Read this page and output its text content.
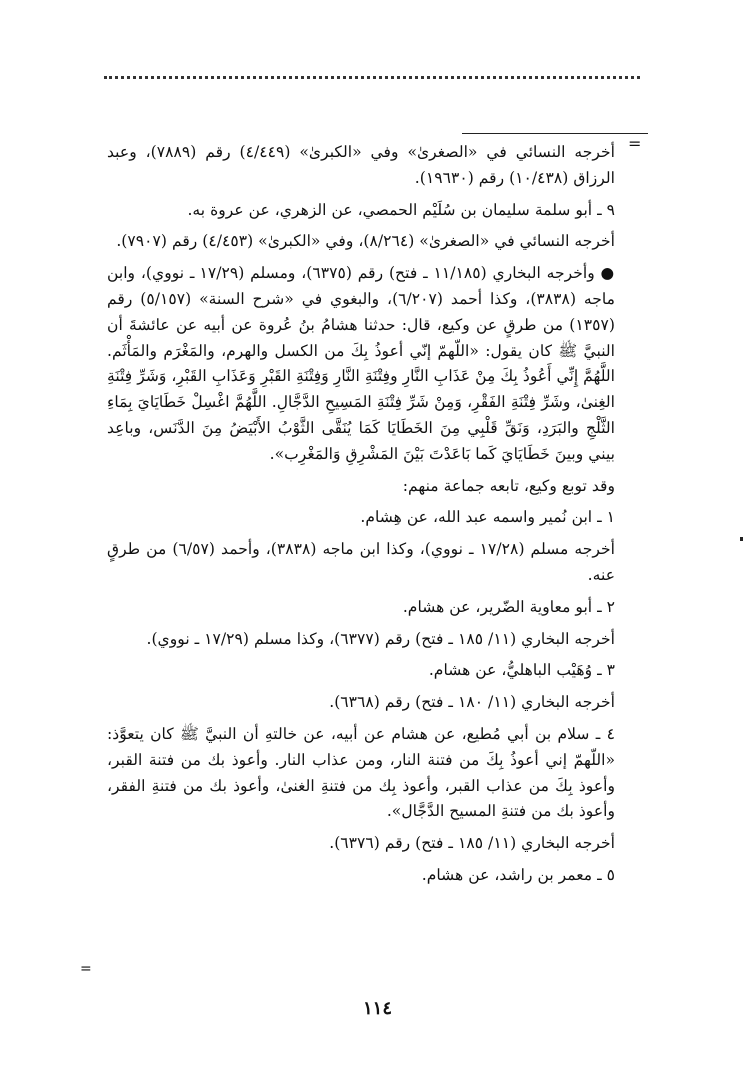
=

أخرجه النسائي في «الصغرىٰ» وفي «الكبرىٰ» (٤/٤٤٩) رقم (٧٨٨٩)، وعبد الرزاق (١٠/٤٣٨) رقم (١٩٦٣٠).

٩ ـ أبو سلمة سليمان بن سُلَيْم الحمصي، عن الزهري، عن عروة به.

أخرجه النسائي في «الصغرىٰ» (٨/٢٦٤)، وفي «الكبرىٰ» (٤/٤٥٣) رقم (٧٩٠٧).

● وأخرجه البخاري (١١/١٨٥ ـ فتح) رقم (٦٣٧٥)، ومسلم (١٧/٢٩ ـ نووي)، وابن ماجه (٣٨٣٨)، وكذا أحمد (٦/٢٠٧)، والبغوي في «شرح السنة» (٥/١٥٧) رقم (١٣٥٧) من طرقٍ عن وكيع، قال: حدثنا هشامُ بنُ عُروة عن أبيه عن عائشةَ أن النبيَّ ﷺ كان يقول: «اللّهمّ إنّي أعوذُ بِكَ من الكسل والهرم، والمَغْرَم والمَأْثَم. اللَّهُمَّ إِنِّي أَعُوذُ بِكَ مِنْ عَذَابِ النَّارِ وفِتْنَةِ النَّارِ وَفِتْنَةِ القَبْرِ وَعَذَابِ القَبْرِ، وَشَرِّ فِتْنَةِ الغِنىٰ، وشَرِّ فِتْنَةِ الفَقْرِ، وَمِنْ شَرِّ فِتْنَةِ المَسِيحِ الدَّجَّالِ. اللَّهُمَّ اغْسِلْ خَطَايَايَ بِمَاءِ الثَّلْجِ والبَرَدِ، وَنَقِّ قَلْبِي مِنَ الخَطَايَا كَمَا يُنَقَّى الثَّوْبُ الأَبْيَضُ مِنَ الدَّنَس، وباعِد بيني وبينَ خَطَايَايَ كَما بَاعَدْتَ بَيْنَ المَشْرِقِ وَالمَغْرِب».

وقد توبع وكيع، تابعه جماعة منهم:

١ ـ ابن نُمير واسمه عبد الله، عن هِشام.

أخرجه مسلم (١٧/٢٨ ـ نووي)، وكذا ابن ماجه (٣٨٣٨)، وأحمد (٦/٥٧) من طرقٍ عنه.

٢ ـ أبو معاوية الضّرير، عن هشام.

أخرجه البخاري (١١/ ١٨٥ ـ فتح) رقم (٦٣٧٧)، وكذا مسلم (١٧/٢٩ ـ نووي).

٣ ـ وُهَيْب الباهليُّ، عن هشام.

أخرجه البخاري (١١/ ١٨٠ ـ فتح) رقم (٦٣٦٨).

٤ ـ سلام بن أبي مُطيع، عن هشام عن أبيه، عن خالتهِ أن النبيَّ ﷺ كان يتعوَّذ: «اللّهمّ إني أعوذُ بِكَ من فتنة النار، ومن عذاب النار. وأعوذ بك من فتنة القبر، وأعوذ بِكَ من عذاب القبر، وأعوذ بِك من فتنةِ الغنىٰ، وأعوذ بك من فتنةِ الفقر، وأعوذ بك من فتنةِ المسيح الدَّجَّال».

أخرجه البخاري (١١/ ١٨٥ ـ فتح) رقم (٦٣٧٦).

٥ ـ معمر بن راشد، عن هشام.

=
١١٤
